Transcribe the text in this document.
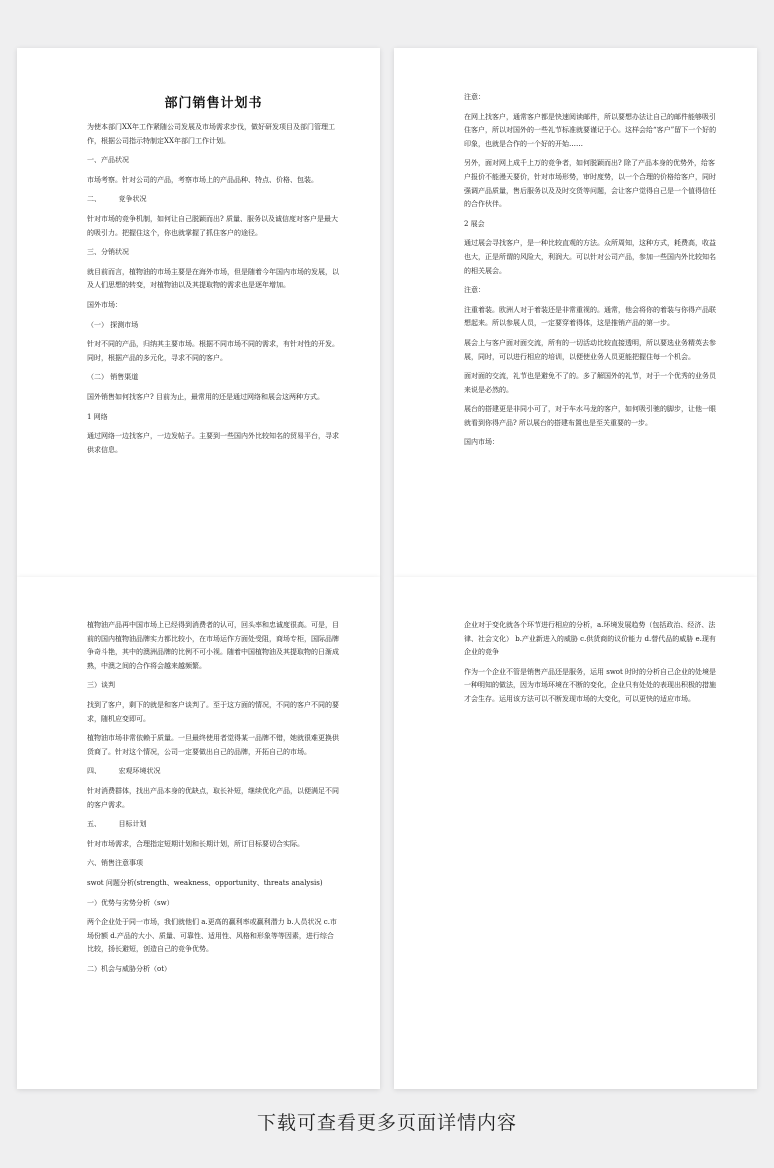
部门销售计划书
为使本部门XX年工作紧随公司发展及市场需求步伐，做好研发项目及部门管理工作，根据公司指示特制定XX年部门工作计划。
一、产品状况
市场考察。针对公司的产品，考察市场上的产品品种、特点、价格、包装。
二、　　　竞争状况
针对市场的竞争机制，如何让自己脱颖而出? 质量、服务以及诚信度对客户是最大的吸引力。把握住这个，你也就掌握了抓住客户的途径。
三、分销状况
就目前而言，植物油的市场主要是在海外市场，但是随着今年国内市场的发展，以及人们思想的转变，对植物油以及其提取物的需求也是逐年增加。
国外市场：
（一） 探测市场
针对不同的产品，归纳其主要市场。根据不同市场不同的需求，有针对性的开发。同时，根据产品的多元化，寻求不同的客户。
（二） 销售渠道
国外销售如何找客户? 目前为止，最常用的还是通过网络和展会这两种方式。
1 网络
通过网络一边找客户，一边发帖子。主要到一些国内外比较知名的贸易平台，寻求供求信息。
注意：
在网上找客户，通常客户都是快速阅读邮件，所以要想办法让自己的邮件能够吸引住客户，所以对国外的一些礼节标准就要谨记于心。这样会给“客户”留下一个好的印象，也就是合作的一个好的开始……
另外，面对网上成千上万的竞争者，如何脱颖而出? 除了产品本身的优势外，给客户报价不能漫天要价，针对市场形势，审时度势，以一个合理的价格给客户，同时强调产品质量，售后服务以及及时交货等问题，会让客户觉得自己是一个值得信任的合作伙伴。
2 展会
通过展会寻找客户，是一种比较直观的方法。众所周知，这种方式，耗费高，收益也大，正是所谓的风险大，利润大。可以针对公司产品，参加一些国内外比较知名的相关展会。
注意：
注重着装。欧洲人对于着装还是非常重视的。通常，他会将你的着装与你得产品联想起来。所以参展人员，一定要穿着得体，这是推销产品的第一步。
展会上与客户面对面交流，所有的一切活动比较直接透明，所以要选业务精英去参展，同时，可以进行相应的培训，以便使业务人员更能把握住每一个机会。
面对面的交流，礼节也是避免不了的。多了解国外的礼节，对于一个优秀的业务员来说是必然的。
展台的搭建更是非同小可了，对于车水马龙的客户，如何吸引驰的脚步，让他一眼就看到你得产品? 所以展台的搭建布置也是至关重要的一步。
国内市场：
植物油产品再中国市场上已经得到消费者的认可，回头率和忠诚度很高。可是，目前的国内植物油品牌实力都比较小，在市场运作方面处受阻，商场专柜，国际品牌争奇斗艳，其中的澳洲品牌的比例不可小视。随着中国植物油及其提取物的日渐成熟，中澳之间的合作将会越来越频繁。
三）谈判
找到了客户，剩下的就是和客户谈判了。至于这方面的情况，不同的客户不同的要求，随机应变即可。
植物油市场非常依赖于质量。一旦最终使用者觉得某一品牌不错，她就很难更换供货商了。针对这个情况，公司一定要做出自己的品牌，开拓自己的市场。
四、　　　宏观环境状况
针对消费群体，找出产品本身的优缺点，取长补短，继续优化产品，以便满足不同的客户需求。
五、　　　目标计划
针对市场需求，合理指定短期计划和长期计划，所订目标要切合实际。
六、销售注意事项
swot 问题分析(strength、weakness、opportunity、threats analysis)
一）优势与劣势分析（sw）
两个企业处于同一市场，我们就他们 a.更高的赢利率或赢利潜力 b.人员状况 c.市场份额 d.产品的大小、质量、可靠性、适用性、风格和形象等等因素，进行综合比较，扬长避短，创造自己的竞争优势。
二）机会与威胁分析（ot）
企业对于变化就各个环节进行相应的分析，a.环境发展趋势（包括政治、经济、法律、社会文化） b.产业新进入的威胁 c.供货商的议价能力 d.替代品的威胁 e.现有企业的竞争
作为一个企业不管是销售产品还是服务，运用 swot 时时的分析自己企业的处境是一种明知的做法，因为市场环境在不断的变化，企业只有处处的表现出积极的措施才会生存。运用该方法可以不断发现市场的大变化，可以更快的适应市场。
下载可查看更多页面详情内容
